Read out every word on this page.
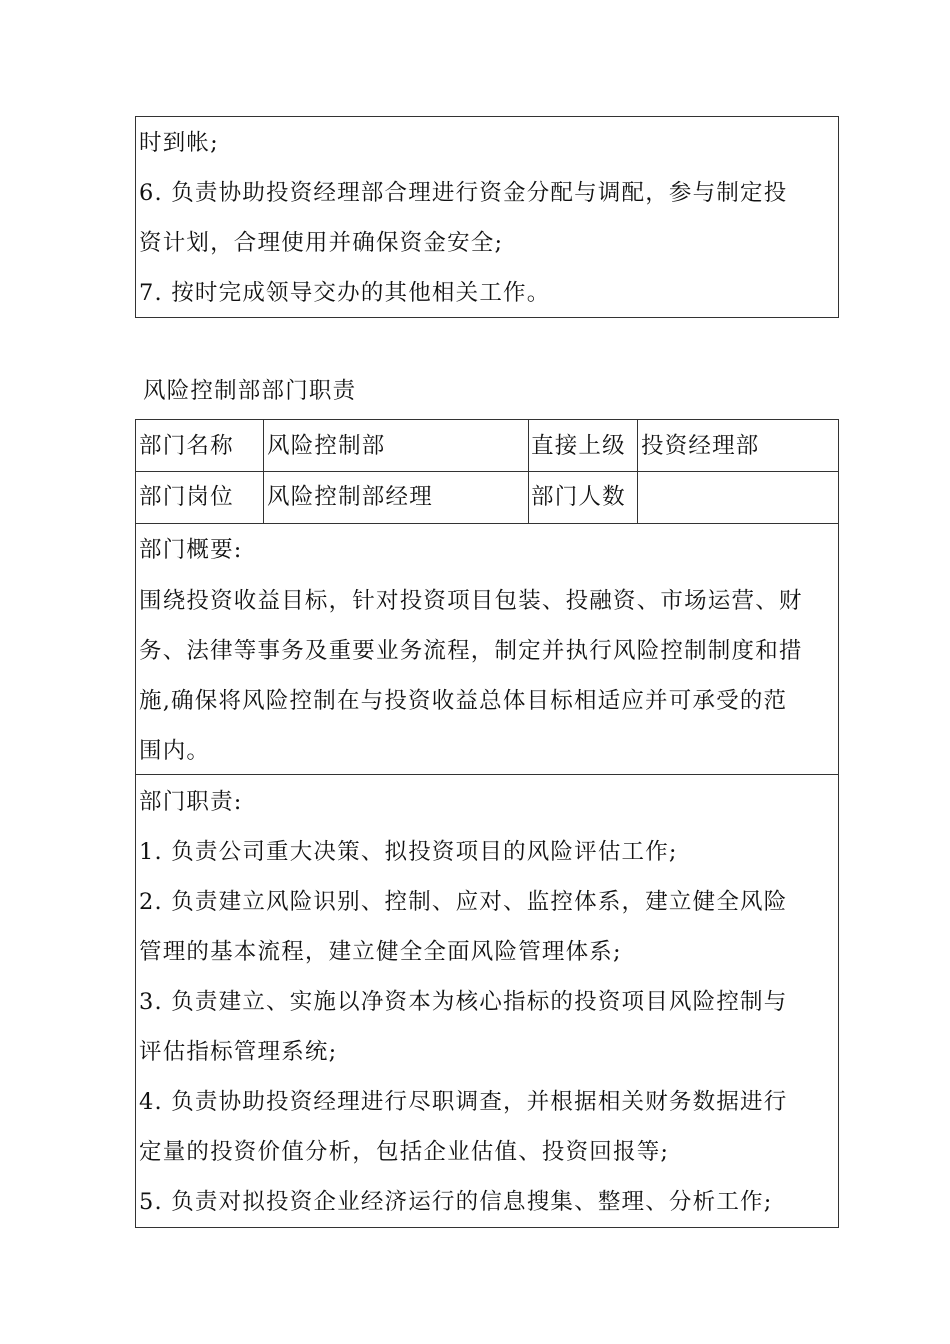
时到帐;
6. 负责协助投资经理部合理进行资金分配与调配，参与制定投
资计划，合理使用并确保资金安全;
7. 按时完成领导交办的其他相关工作。
风险控制部部门职责
部门名称 风险控制部	直接上级 投资经理部
部门岗位 风险控制部经理	部门人数
部门概要:
围绕投资收益目标，针对投资项目包装、投融资、市场运营、财
务、法律等事务及重要业务流程，制定并执行风险控制制度和措
施,确保将风险控制在与投资收益总体目标相适应并可承受的范
围内。
部门职责:
1. 负责公司重大决策、拟投资项目的风险评估工作;
2. 负责建立风险识别、控制、应对、监控体系，建立健全风险
管理的基本流程，建立健全全面风险管理体系;
3. 负责建立、实施以净资本为核心指标的投资项目风险控制与
评估指标管理系统;
4. 负责协助投资经理进行尽职调查，并根据相关财务数据进行
定量的投资价值分析，包括企业估值、投资回报等;
5. 负责对拟投资企业经济运行的信息搜集、整理、分析工作;
